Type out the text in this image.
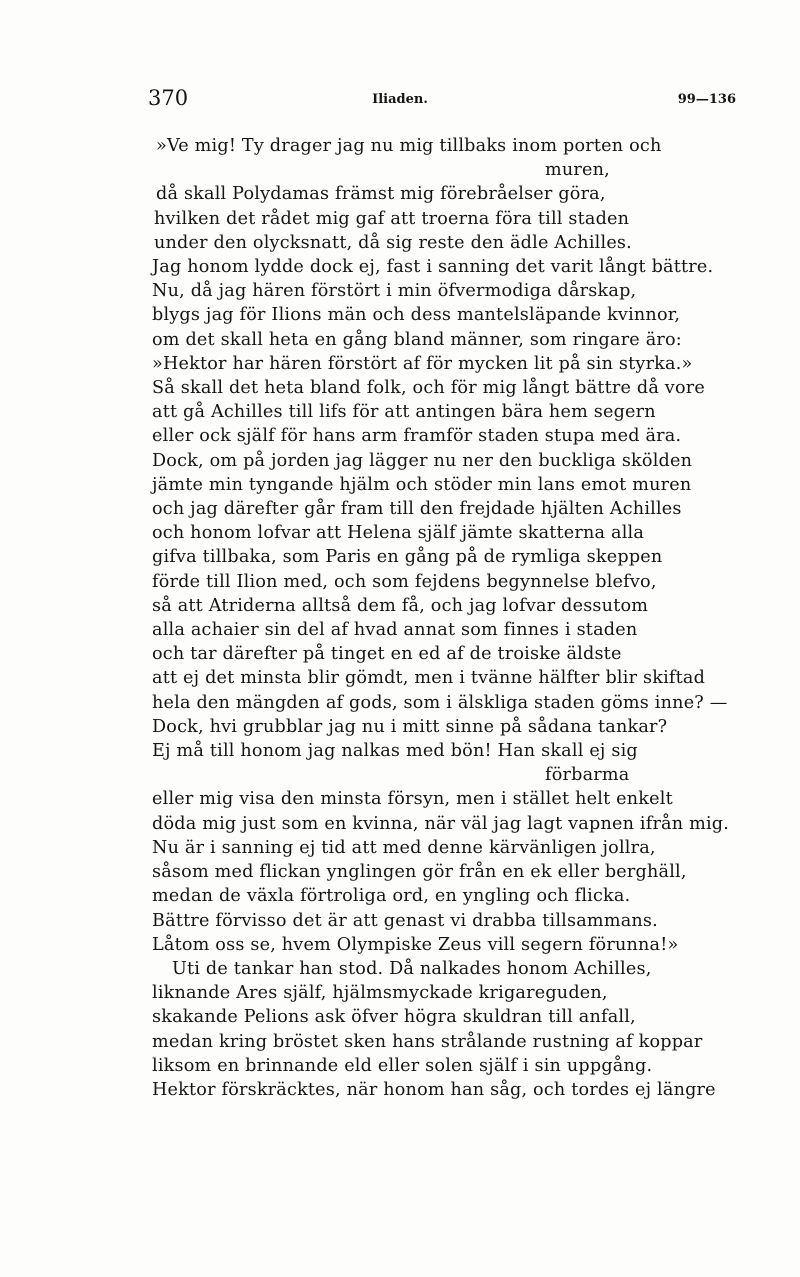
370	Iliaden.	99—136
»Ve mig! Ty drager jag nu mig tillbaks inom porten och
muren,
då skall Polydamas främst mig förebråelser göra,
hvilken det rådet mig gaf att troerna föra till staden
under den olycksnatt, då sig reste den ädle Achilles.
Jag honom lydde dock ej, fast i sanning det varit långt bättre.
Nu, då jag hären förstört i min öfvermodiga dårskap,
blygs jag för Ilions män och dess mantelsläpande kvinnor,
om det skall heta en gång bland männer, som ringare äro:
»Hektor har hären förstört af för mycken lit på sin styrka.»
Så skall det heta bland folk, och för mig långt bättre då vore
att gå Achilles till lifs för att antingen bära hem segern
eller ock själf för hans arm framför staden stupa med ära.
Dock, om på jorden jag lägger nu ner den buckliga skölden
jämte min tyngande hjälm och stöder min lans emot muren
och jag därefter går fram till den frejdade hjälten Achilles
och honom lofvar att Helena själf jämte skatterna alla
gifva tillbaka, som Paris en gång på de rymliga skeppen
förde till Ilion med, och som fejdens begynnelse blefvo,
så att Atriderna alltså dem få, och jag lofvar dessutom
alla achaier sin del af hvad annat som finnes i staden
och tar därefter på tinget en ed af de troiske äldste
att ej det minsta blir gömdt, men i tvänne hälfter blir skiftad
hela den mängden af gods, som i älskliga staden göms inne? —
Dock, hvi grubblar jag nu i mitt sinne på sådana tankar?
Ej må till honom jag nalkas med bön! Han skall ej sig
förbarma
eller mig visa den minsta försyn, men i stället helt enkelt
döda mig just som en kvinna, när väl jag lagt vapnen ifrån mig.
Nu är i sanning ej tid att med denne kärvänligen jollra,
såsom med flickan ynglingen gör från en ek eller berghäll,
medan de växla förtroliga ord, en yngling och flicka.
Bättre förvisso det är att genast vi drabba tillsammans.
Låtom oss se, hvem Olympiske Zeus vill segern förunna!»
Uti de tankar han stod. Då nalkades honom Achilles,
liknande Ares själf, hjälmsmyckade krigareguden,
skakande Pelions ask öfver högra skuldran till anfall,
medan kring bröstet sken hans strålande rustning af koppar
liksom en brinnande eld eller solen själf i sin uppgång.
Hektor förskräcktes, när honom han såg, och tordes ej längre
